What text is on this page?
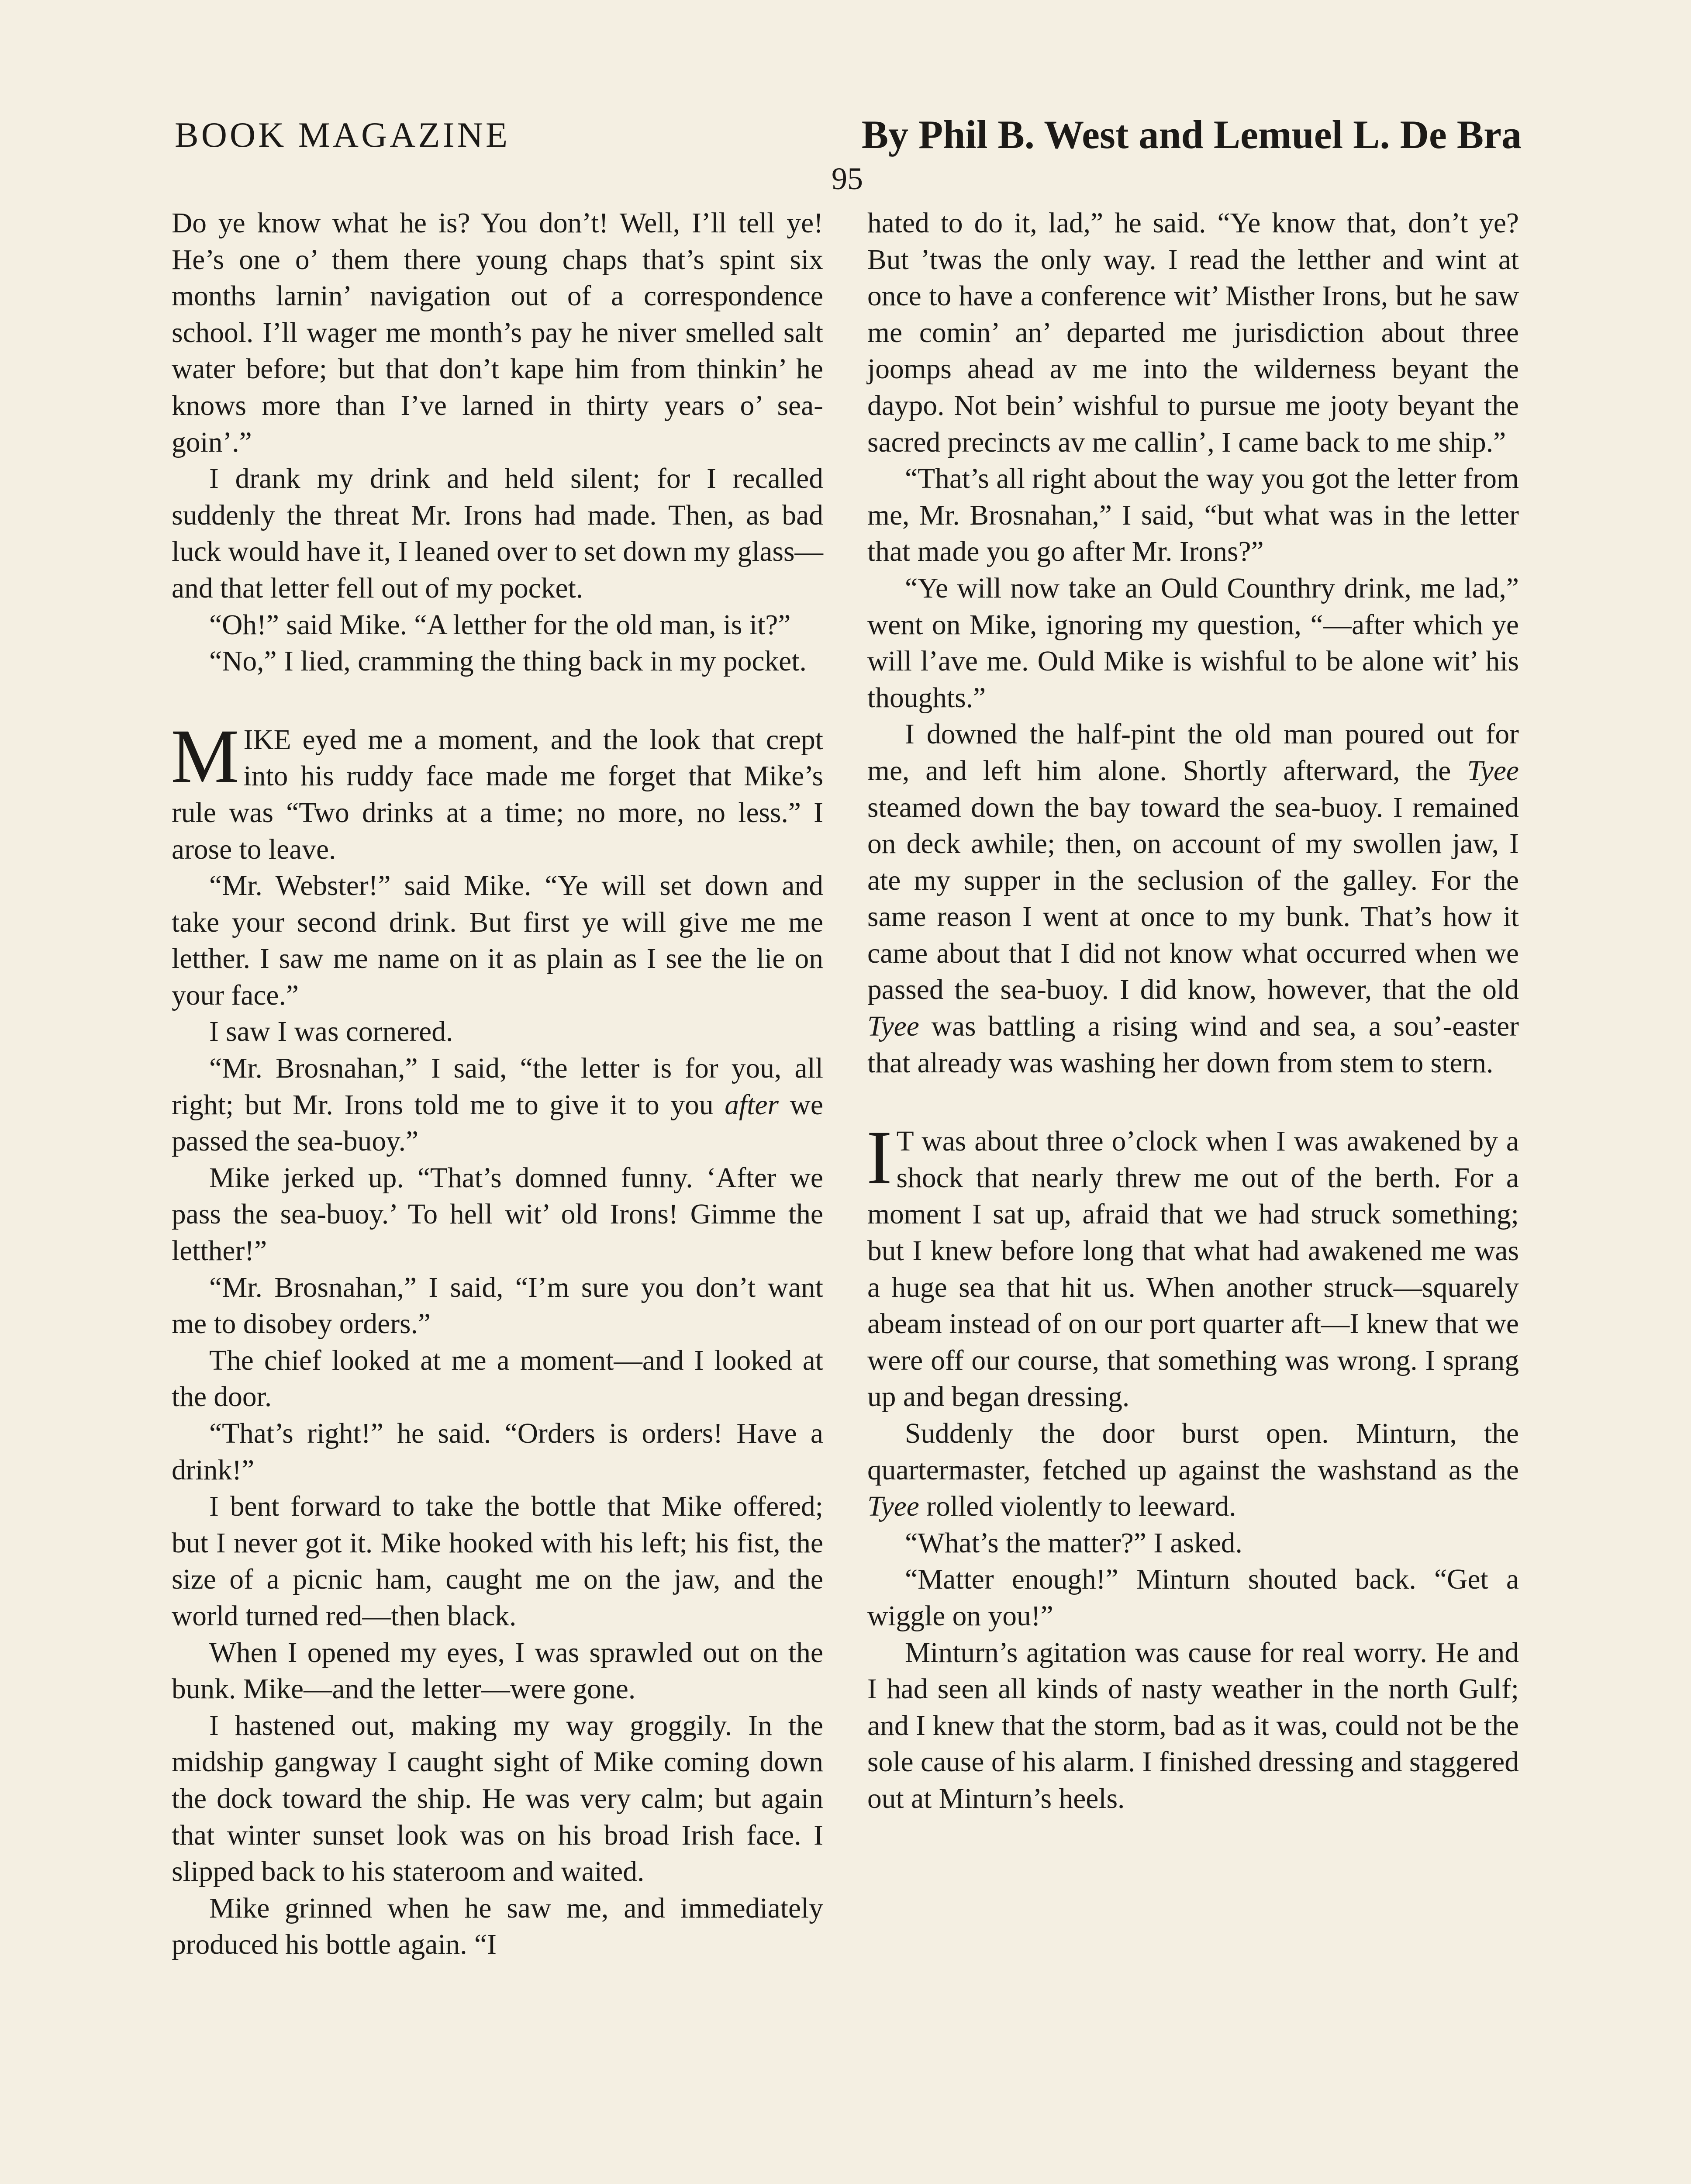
BOOK MAGAZINE	By Phil B. West and Lemuel L. De Bra
95

Do ye know what he is? You don’t! Well, I’ll tell ye! He’s one o’ them there young chaps that’s spint six months larnin’ navigation out of a correspondence school. I’ll wager me month’s pay he niver smelled salt water before; but that don’t kape him from thinkin’ he knows more than I’ve larned in thirty years o’ sea-goin’.”

I drank my drink and held silent; for I recalled suddenly the threat Mr. Irons had made. Then, as bad luck would have it, I leaned over to set down my glass—and that letter fell out of my pocket.

“Oh!” said Mike. “A letther for the old man, is it?”

“No,” I lied, cramming the thing back in my pocket.

MIKE eyed me a moment, and the look that crept into his ruddy face made me forget that Mike’s rule was “Two drinks at a time; no more, no less.” I arose to leave.

“Mr. Webster!” said Mike. “Ye will set down and take your second drink. But first ye will give me me letther. I saw me name on it as plain as I see the lie on your face.”

I saw I was cornered.

“Mr. Brosnahan,” I said, “the letter is for you, all right; but Mr. Irons told me to give it to you after we passed the sea-buoy.”

Mike jerked up. “That’s domned funny. ‘After we pass the sea-buoy.’ To hell wit’ old Irons! Gimme the letther!”

“Mr. Brosnahan,” I said, “I’m sure you don’t want me to disobey orders.”

The chief looked at me a moment—and I looked at the door.

“That’s right!” he said. “Orders is orders! Have a drink!”

I bent forward to take the bottle that Mike offered; but I never got it. Mike hooked with his left; his fist, the size of a picnic ham, caught me on the jaw, and the world turned red—then black.

When I opened my eyes, I was sprawled out on the bunk. Mike—and the letter—were gone.

I hastened out, making my way groggily. In the midship gangway I caught sight of Mike coming down the dock toward the ship. He was very calm; but again that winter sunset look was on his broad Irish face. I slipped back to his stateroom and waited.

Mike grinned when he saw me, and immediately produced his bottle again. “I

hated to do it, lad,” he said. “Ye know that, don’t ye? But ’twas the only way. I read the letther and wint at once to have a conference wit’ Misther Irons, but he saw me comin’ an’ departed me jurisdiction about three joomps ahead av me into the wilderness beyant the daypo. Not bein’ wishful to pursue me jooty beyant the sacred precincts av me callin’, I came back to me ship.”

“That’s all right about the way you got the letter from me, Mr. Brosnahan,” I said, “but what was in the letter that made you go after Mr. Irons?”

“Ye will now take an Ould Counthry drink, me lad,” went on Mike, ignoring my question, “—after which ye will l’ave me. Ould Mike is wishful to be alone wit’ his thoughts.”

I downed the half-pint the old man poured out for me, and left him alone. Shortly afterward, the Tyee steamed down the bay toward the sea-buoy. I remained on deck awhile; then, on account of my swollen jaw, I ate my supper in the seclusion of the galley. For the same reason I went at once to my bunk. That’s how it came about that I did not know what occurred when we passed the sea-buoy. I did know, however, that the old Tyee was battling a rising wind and sea, a sou’-easter that already was washing her down from stem to stern.

I T was about three o’clock when I was awakened by a shock that nearly threw me out of the berth. For a moment I sat up, afraid that we had struck something; but I knew before long that what had awakened me was a huge sea that hit us. When another struck—squarely abeam instead of on our port quarter aft—I knew that we were off our course, that something was wrong. I sprang up and began dressing.

Suddenly the door burst open. Minturn, the quartermaster, fetched up against the washstand as the Tyee rolled violently to leeward.

“What’s the matter?” I asked.

“Matter enough!” Minturn shouted back. “Get a wiggle on you!”

Minturn’s agitation was cause for real worry. He and I had seen all kinds of nasty weather in the north Gulf; and I knew that the storm, bad as it was, could not be the sole cause of his alarm. I finished dressing and staggered out at Minturn’s heels.
